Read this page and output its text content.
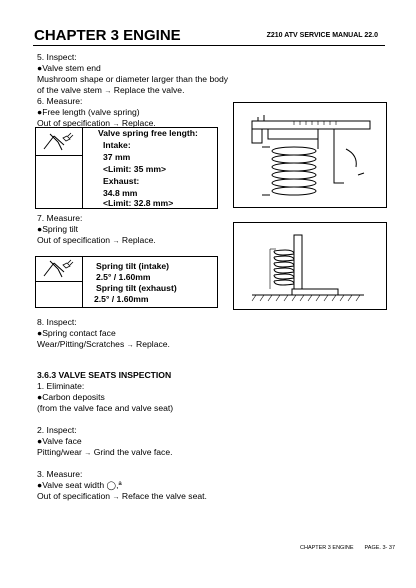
CHAPTER 3 ENGINE	Z210 ATV SERVICE MANUAL 22.0
5. Inspect:
●Valve stem end
Mushroom shape or diameter larger than the body
of the valve stem → Replace the valve.
6. Measure:
●Free length (valve spring)
Out of specification → Replace.
Valve spring free length:
Intake:
37 mm
<Limit: 35 mm>
Exhaust:
34.8 mm
<Limit: 32.8 mm>
7. Measure:
●Spring tilt
Out of specification → Replace.
Spring tilt (intake)
2.5° / 1.60mm
Spring tilt (exhaust)
2.5° / 1.60mm
8. Inspect:
●Spring contact face
Wear/Pitting/Scratches → Replace.
3.6.3 VALVE SEATS INSPECTION
1. Eliminate:
●Carbon deposits
(from the valve face and valve seat)
2. Inspect:
●Valve face
Pitting/wear → Grind the valve face.
3. Measure:
●Valve seat width ◯,ª
Out of specification → Reface the valve seat.
CHAPTER 3 ENGINE PAGE. 3- 37
